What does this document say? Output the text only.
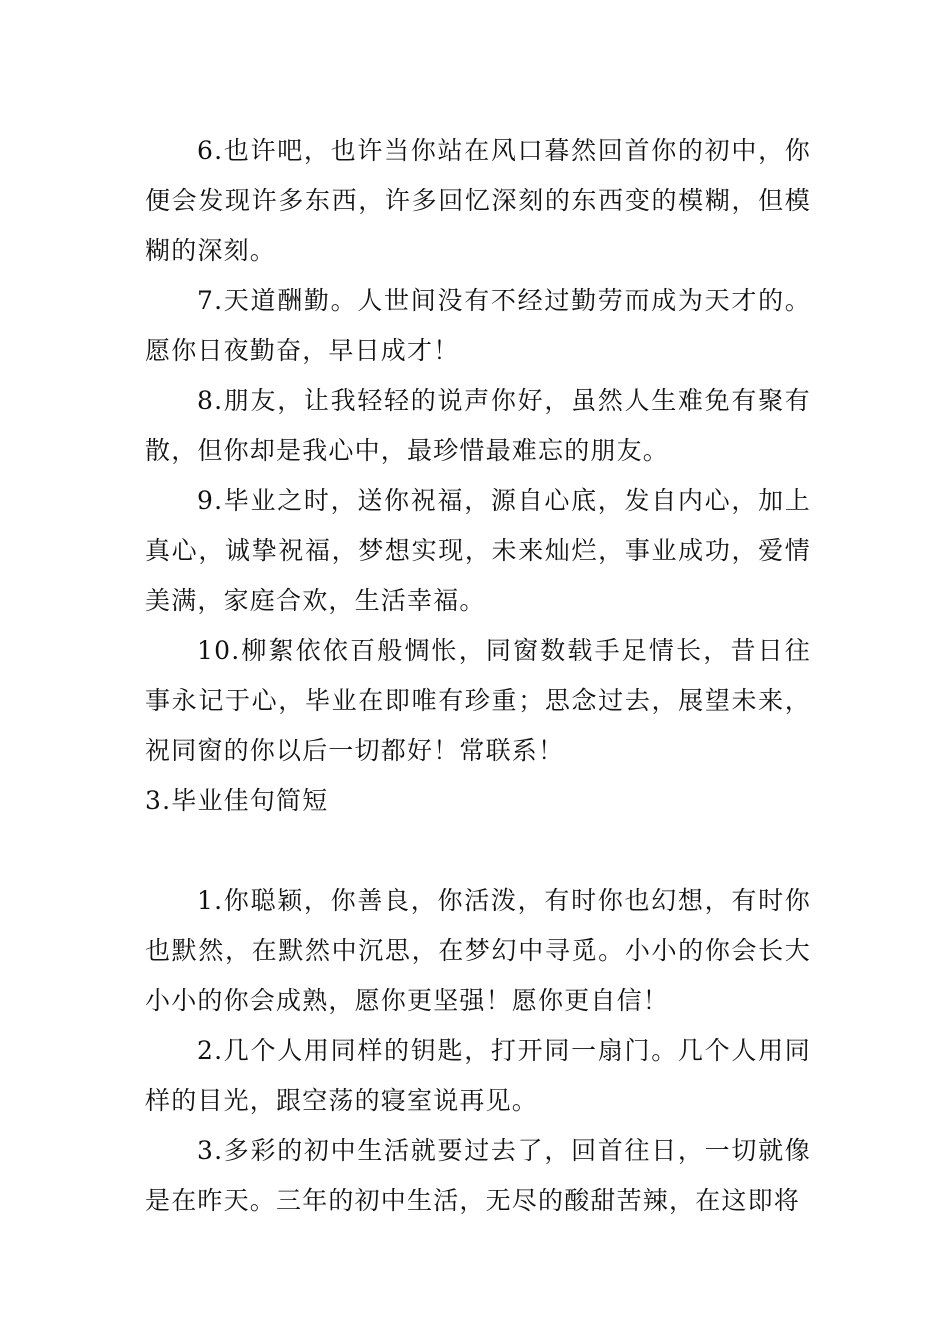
6.也许吧，也许当你站在风口暮然回首你的初中，你便会发现许多东西，许多回忆深刻的东西变的模糊，但模糊的深刻。

7.天道酬勤。人世间没有不经过勤劳而成为天才的。愿你日夜勤奋，早日成才！

8.朋友，让我轻轻的说声你好，虽然人生难免有聚有散，但你却是我心中，最珍惜最难忘的朋友。

9.毕业之时，送你祝福，源自心底，发自内心，加上真心，诚挚祝福，梦想实现，未来灿烂，事业成功，爱情美满，家庭合欢，生活幸福。

10.柳絮依依百般惆怅，同窗数载手足情长，昔日往事永记于心，毕业在即唯有珍重；思念过去，展望未来，祝同窗的你以后一切都好！常联系！

3.毕业佳句简短

1.你聪颖，你善良，你活泼，有时你也幻想，有时你也默然，在默然中沉思，在梦幻中寻觅。小小的你会长大小小的你会成熟，愿你更坚强！愿你更自信！

2.几个人用同样的钥匙，打开同一扇门。几个人用同样的目光，跟空荡的寝室说再见。

3.多彩的初中生活就要过去了，回首往日，一切就像是在昨天。三年的初中生活，无尽的酸甜苦辣，在这即将
